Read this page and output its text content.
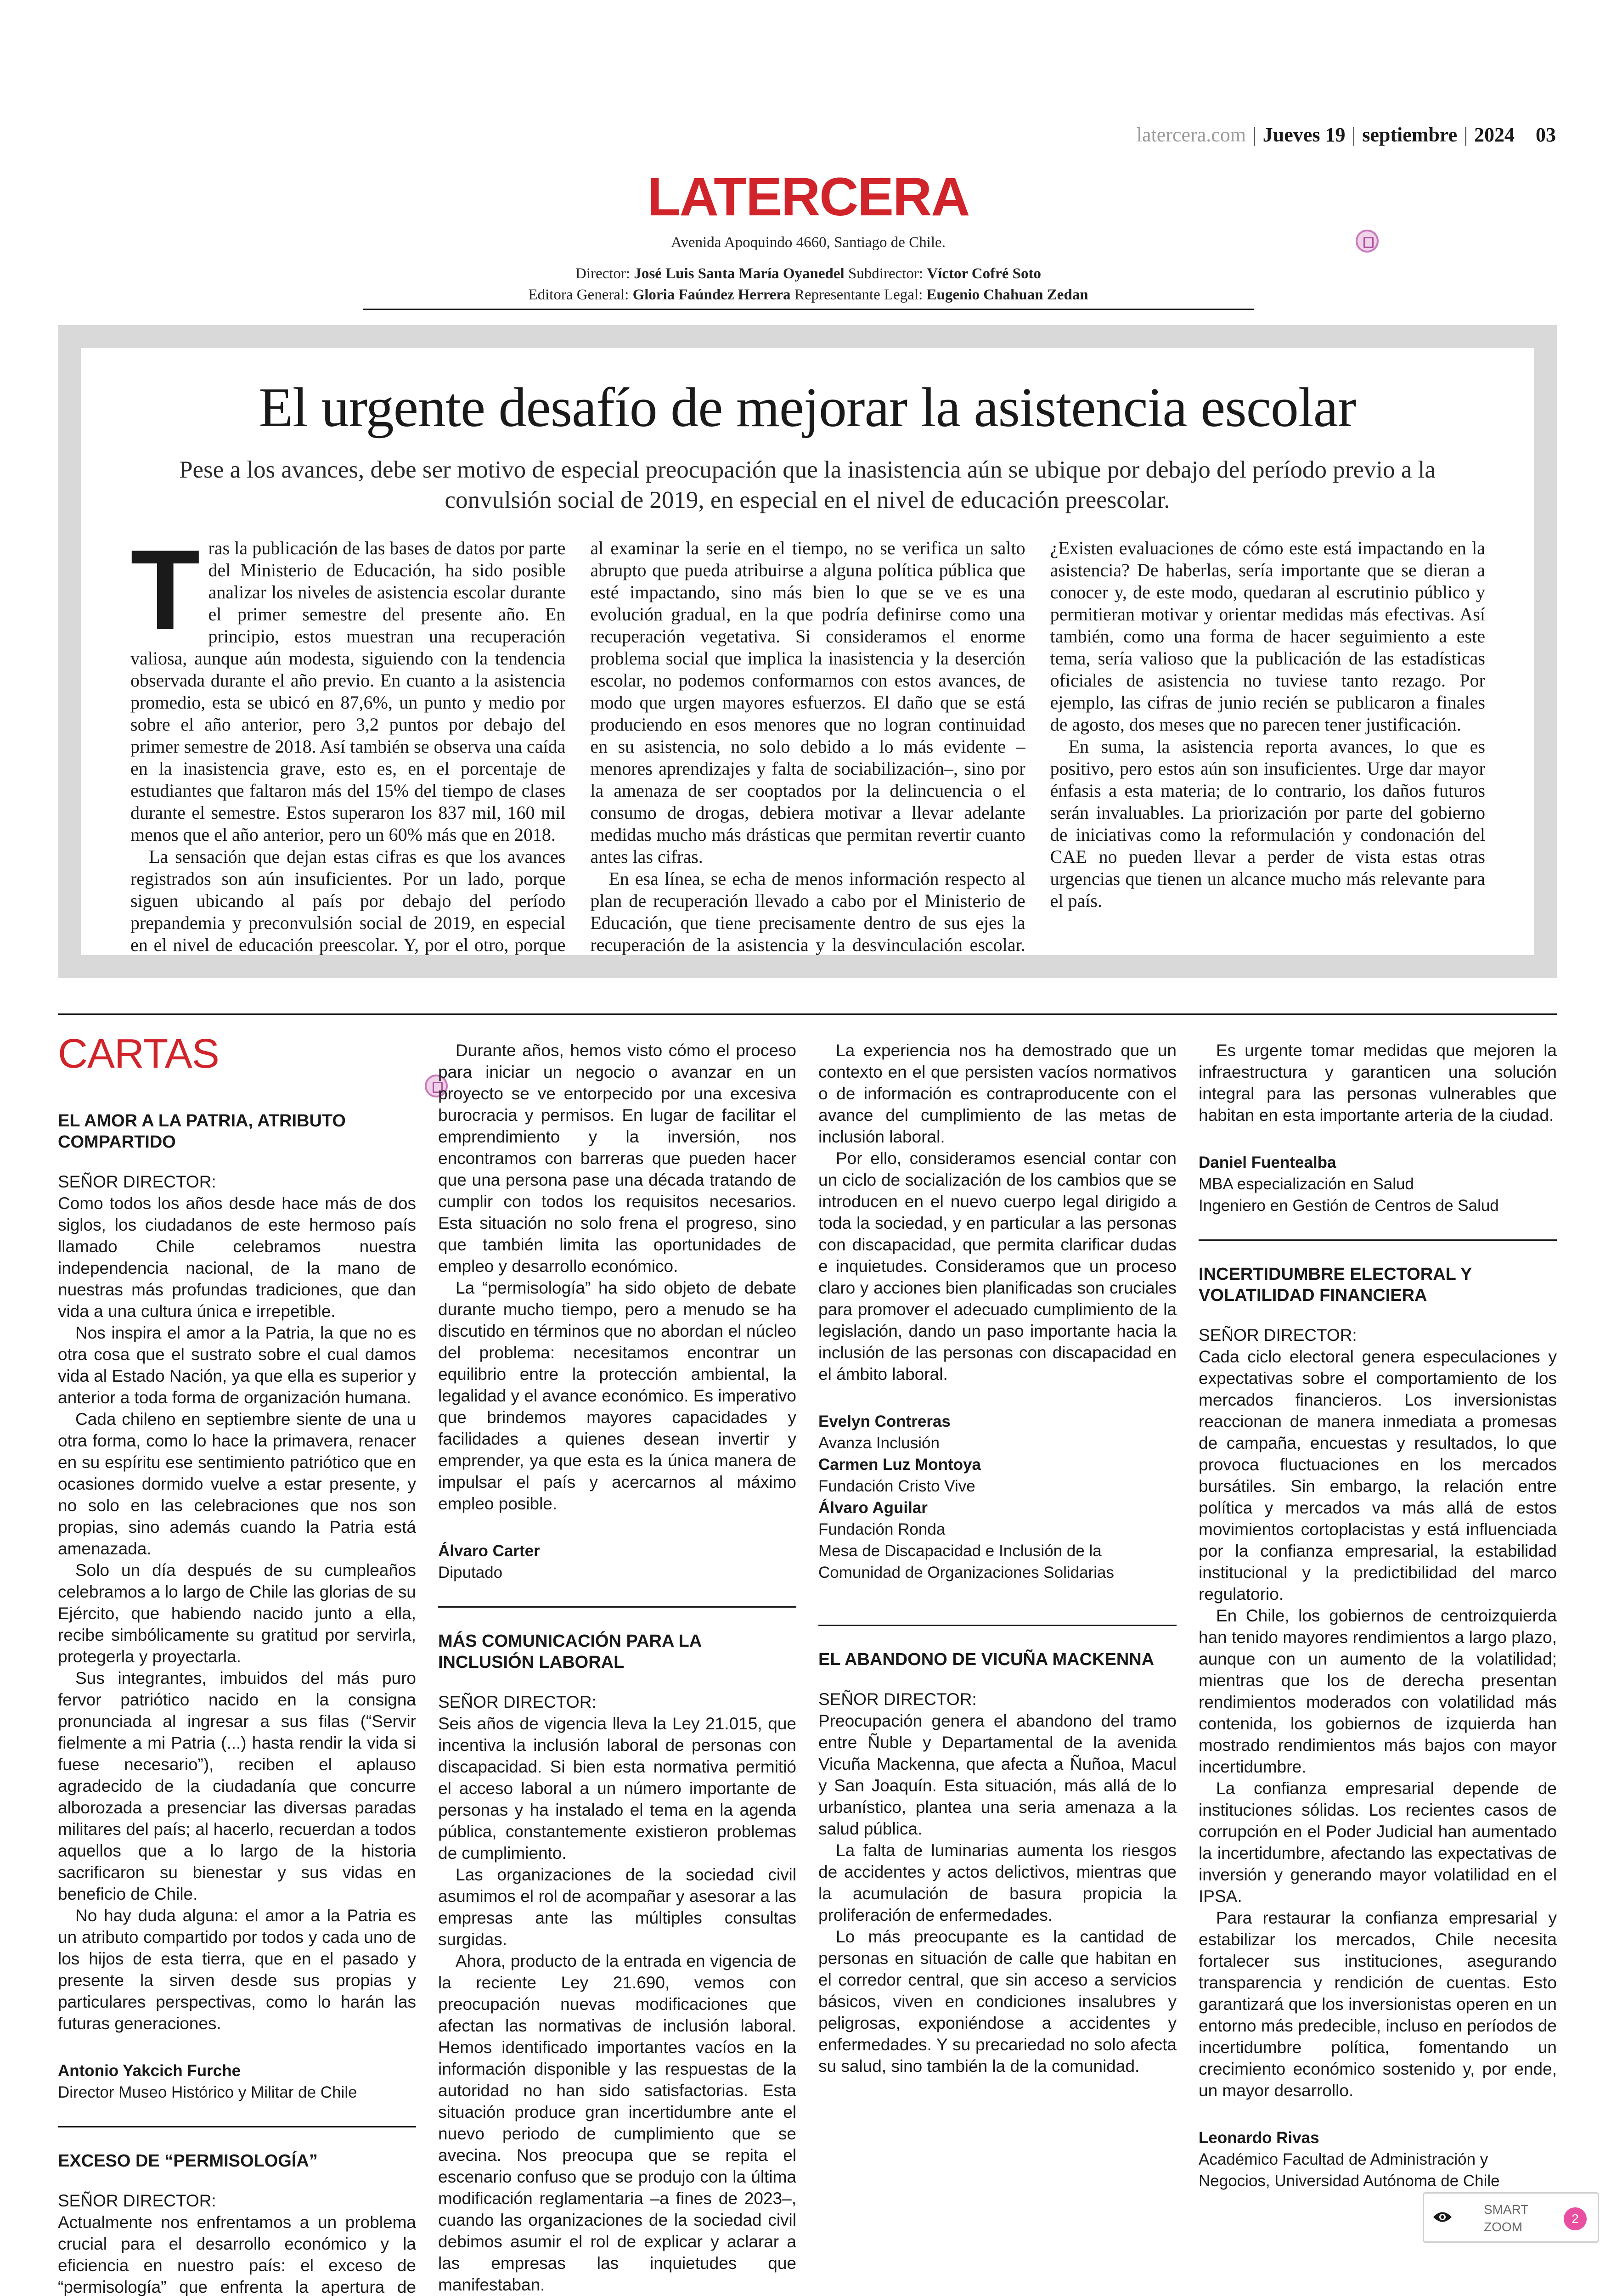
latercera.com | Jueves 19 | septiembre | 2024 03
LATERCERA
Avenida Apoquindo 4660, Santiago de Chile.
Director: José Luis Santa María Oyanedel Subdirector: Víctor Cofré Soto
Editora General: Gloria Faúndez Herrera Representante Legal: Eugenio Chahuan Zedan
El urgente desafío de mejorar la asistencia escolar

Pese a los avances, debe ser motivo de especial preocupación que la inasistencia aún se ubique por debajo del período previo a la convulsión social de 2019, en especial en el nivel de educación preescolar.

Tras la publicación de las bases de datos por parte del Ministerio de Educación, ha sido posible analizar los niveles de asistencia escolar durante el primer semestre del presente año. En principio, estos muestran una recuperación valiosa, aunque aún modesta, siguiendo con la tendencia observada durante el año previo. En cuanto a la asistencia promedio, esta se ubicó en 87,6%, un punto y medio por sobre el año anterior, pero 3,2 puntos por debajo del primer semestre de 2018. Así también se observa una caída en la inasistencia grave, esto es, en el porcentaje de estudiantes que faltaron más del 15% del tiempo de clases durante el semestre. Estos superaron los 837 mil, 160 mil menos que el año anterior, pero un 60% más que en 2018.

La sensación que dejan estas cifras es que los avances registrados son aún insuficientes. Por un lado, porque siguen ubicando al país por debajo del período prepandemia y preconvulsión social de 2019, en especial en el nivel de educación preescolar. Y, por el otro, porque al examinar la serie en el tiempo, no se verifica un salto abrupto que pueda atribuirse a alguna política pública que esté impactando, sino más bien lo que se ve es una evolución gradual, en la que podría definirse como una recuperación vegetativa. Si consideramos el enorme problema social que implica la inasistencia y la deserción escolar, no podemos conformarnos con estos avances, de modo que urgen mayores esfuerzos. El daño que se está produciendo en esos menores que no logran continuidad en su asistencia, no solo debido a lo más evidente –menores aprendizajes y falta de sociabilización–, sino por la amenaza de ser cooptados por la delincuencia o el consumo de drogas, debiera motivar a llevar adelante medidas mucho más drásticas que permitan revertir cuanto antes las cifras.

En esa línea, se echa de menos información respecto al plan de recuperación llevado a cabo por el Ministerio de Educación, que tiene precisamente dentro de sus ejes la recuperación de la asistencia y la desvinculación escolar. ¿Existen evaluaciones de cómo este está impactando en la asistencia? De haberlas, sería importante que se dieran a conocer y, de este modo, quedaran al escrutinio público y permitieran motivar y orientar medidas más efectivas. Así también, como una forma de hacer seguimiento a este tema, sería valioso que la publicación de las estadísticas oficiales de asistencia no tuviese tanto rezago. Por ejemplo, las cifras de junio recién se publicaron a finales de agosto, dos meses que no parecen tener justificación.

En suma, la asistencia reporta avances, lo que es positivo, pero estos aún son insuficientes. Urge dar mayor énfasis a esta materia; de lo contrario, los daños futuros serán invaluables. La priorización por parte del gobierno de iniciativas como la reformulación y condonación del CAE no pueden llevar a perder de vista estas otras urgencias que tienen un alcance mucho más relevante para el país.

CARTAS
EL AMOR A LA PATRIA, ATRIBUTO COMPARTIDO

SEÑOR DIRECTOR:

Como todos los años desde hace más de dos siglos, los ciudadanos de este hermoso país llamado Chile celebramos nuestra independencia nacional, de la mano de nuestras más profundas tradiciones, que dan vida a una cultura única e irrepetible.

Nos inspira el amor a la Patria, la que no es otra cosa que el sustrato sobre el cual damos vida al Estado Nación, ya que ella es superior y anterior a toda forma de organización humana.

Cada chileno en septiembre siente de una u otra forma, como lo hace la primavera, renacer en su espíritu ese sentimiento patriótico que en ocasiones dormido vuelve a estar presente, y no solo en las celebraciones que nos son propias, sino además cuando la Patria está amenazada.

Solo un día después de su cumpleaños celebramos a lo largo de Chile las glorias de su Ejército, que habiendo nacido junto a ella, recibe simbólicamente su gratitud por servirla, protegerla y proyectarla.

Sus integrantes, imbuidos del más puro fervor patriótico nacido en la consigna pronunciada al ingresar a sus filas (“Servir fielmente a mi Patria (...) hasta rendir la vida si fuese necesario”), reciben el aplauso agradecido de la ciudadanía que concurre alborozada a presenciar las diversas paradas militares del país; al hacerlo, recuerdan a todos aquellos que a lo largo de la historia sacrificaron su bienestar y sus vidas en beneficio de Chile.

No hay duda alguna: el amor a la Patria es un atributo compartido por todos y cada uno de los hijos de esta tierra, que en el pasado y presente la sirven desde sus propias y particulares perspectivas, como lo harán las futuras generaciones.

Antonio Yakcich Furche
Director Museo Histórico y Militar de Chile
EXCESO DE “PERMISOLOGÍA”

SEÑOR DIRECTOR:

Actualmente nos enfrentamos a un problema crucial para el desarrollo económico y la eficiencia en nuestro país: el exceso de “permisología” que enfrenta la apertura de

Durante años, hemos visto cómo el proceso para iniciar un negocio o avanzar en un proyecto se ve entorpecido por una excesiva burocracia y permisos. En lugar de facilitar el emprendimiento y la inversión, nos encontramos con barreras que pueden hacer que una persona pase una década tratando de cumplir con todos los requisitos necesarios. Esta situación no solo frena el progreso, sino que también limita las oportunidades de empleo y desarrollo económico.

La “permisología” ha sido objeto de debate durante mucho tiempo, pero a menudo se ha discutido en términos que no abordan el núcleo del problema: necesitamos encontrar un equilibrio entre la protección ambiental, la legalidad y el avance económico. Es imperativo que brindemos mayores capacidades y facilidades a quienes desean invertir y emprender, ya que esta es la única manera de impulsar el país y acercarnos al máximo empleo posible.

Álvaro Carter
Diputado
MÁS COMUNICACIÓN PARA LA INCLUSIÓN LABORAL

SEÑOR DIRECTOR:

Seis años de vigencia lleva la Ley 21.015, que incentiva la inclusión laboral de personas con discapacidad. Si bien esta normativa permitió el acceso laboral a un número importante de personas y ha instalado el tema en la agenda pública, constantemente existieron problemas de cumplimiento.

Las organizaciones de la sociedad civil asumimos el rol de acompañar y asesorar a las empresas ante las múltiples consultas surgidas.

Ahora, producto de la entrada en vigencia de la reciente Ley 21.690, vemos con preocupación nuevas modificaciones que afectan las normativas de inclusión laboral. Hemos identificado importantes vacíos en la información disponible y las respuestas de la autoridad no han sido satisfactorias. Esta situación produce gran incertidumbre ante el nuevo periodo de cumplimiento que se avecina. Nos preocupa que se repita el escenario confuso que se produjo con la última modificación reglamentaria –a fines de 2023–, cuando las organizaciones de la sociedad civil debimos asumir el rol de explicar y aclarar a las empresas las inquietudes que manifestaban.

La experiencia nos ha demostrado que un contexto en el que persisten vacíos normativos o de información es contraproducente con el avance del cumplimiento de las metas de inclusión laboral.

Por ello, consideramos esencial contar con un ciclo de socialización de los cambios que se introducen en el nuevo cuerpo legal dirigido a toda la sociedad, y en particular a las personas con discapacidad, que permita clarificar dudas e inquietudes. Consideramos que un proceso claro y acciones bien planificadas son cruciales para promover el adecuado cumplimiento de la legislación, dando un paso importante hacia la inclusión de las personas con discapacidad en el ámbito laboral.

Evelyn Contreras
Avanza Inclusión
Carmen Luz Montoya
Fundación Cristo Vive
Álvaro Aguilar
Fundación Ronda
Mesa de Discapacidad e Inclusión de la Comunidad de Organizaciones Solidarias
EL ABANDONO DE VICUÑA MACKENNA

SEÑOR DIRECTOR:

Preocupación genera el abandono del tramo entre Ñuble y Departamental de la avenida Vicuña Mackenna, que afecta a Ñuñoa, Macul y San Joaquín. Esta situación, más allá de lo urbanístico, plantea una seria amenaza a la salud pública.

La falta de luminarias aumenta los riesgos de accidentes y actos delictivos, mientras que la acumulación de basura propicia la proliferación de enfermedades.

Lo más preocupante es la cantidad de personas en situación de calle que habitan en el corredor central, que sin acceso a servicios básicos, viven en condiciones insalubres y peligrosas, exponiéndose a accidentes y enfermedades. Y su precariedad no solo afecta su salud, sino también la de la comunidad.

Es urgente tomar medidas que mejoren la infraestructura y garanticen una solución integral para las personas vulnerables que habitan en esta importante arteria de la ciudad.

Daniel Fuentealba
MBA especialización en Salud
Ingeniero en Gestión de Centros de Salud
INCERTIDUMBRE ELECTORAL Y VOLATILIDAD FINANCIERA

SEÑOR DIRECTOR:

Cada ciclo electoral genera especulaciones y expectativas sobre el comportamiento de los mercados financieros. Los inversionistas reaccionan de manera inmediata a promesas de campaña, encuestas y resultados, lo que provoca fluctuaciones en los mercados bursátiles. Sin embargo, la relación entre política y mercados va más allá de estos movimientos cortoplacistas y está influenciada por la confianza empresarial, la estabilidad institucional y la predictibilidad del marco regulatorio.

En Chile, los gobiernos de centroizquierda han tenido mayores rendimientos a largo plazo, aunque con un aumento de la volatilidad; mientras que los de derecha presentan rendimientos moderados con volatilidad más contenida, los gobiernos de izquierda han mostrado rendimientos más bajos con mayor incertidumbre.

La confianza empresarial depende de instituciones sólidas. Los recientes casos de corrupción en el Poder Judicial han aumentado la incertidumbre, afectando las expectativas de inversión y generando mayor volatilidad en el IPSA.

Para restaurar la confianza empresarial y estabilizar los mercados, Chile necesita fortalecer sus instituciones, asegurando transparencia y rendición de cuentas. Esto garantizará que los inversionistas operen en un entorno más predecible, incluso en períodos de incertidumbre política, fomentando un crecimiento económico sostenido y, por ende, un mayor desarrollo.

Leonardo Rivas
Académico Facultad de Administración y Negocios, Universidad Autónoma de Chile
SMART
ZOOM
2
